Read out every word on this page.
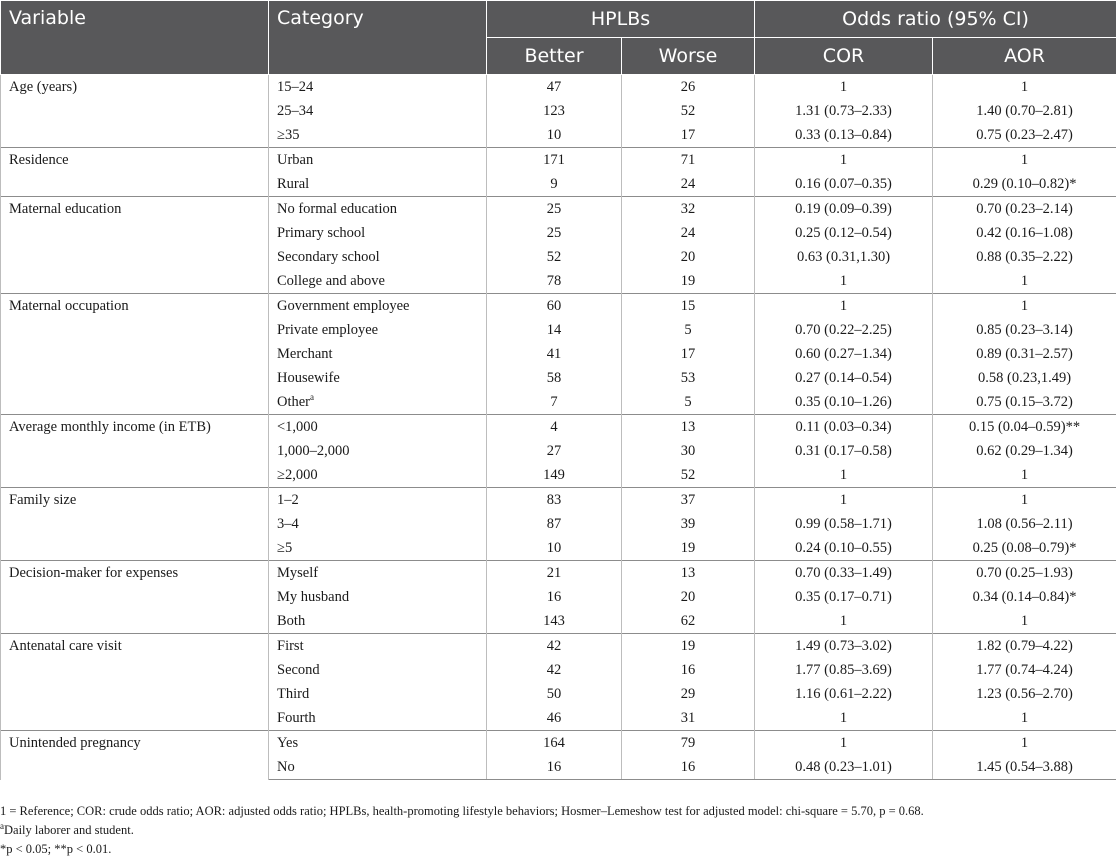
Variable	Category	HPLBs		Odds ratio (95% CI)	
		Better	Worse	COR	AOR
Age (years)	15–24	47	26	1	1
	25–34	123	52	1.31 (0.73–2.33)	1.40 (0.70–2.81)
	≥35	10	17	0.33 (0.13–0.84)	0.75 (0.23–2.47)
Residence	Urban	171	71	1	1
	Rural	9	24	0.16 (0.07–0.35)	0.29 (0.10–0.82)*
Maternal education	No formal education	25	32	0.19 (0.09–0.39)	0.70 (0.23–2.14)
	Primary school	25	24	0.25 (0.12–0.54)	0.42 (0.16–1.08)
	Secondary school	52	20	0.63 (0.31,1.30)	0.88 (0.35–2.22)
	College and above	78	19	1	1
Maternal occupation	Government employee	60	15	1	1
	Private employee	14	5	0.70 (0.22–2.25)	0.85 (0.23–3.14)
	Merchant	41	17	0.60 (0.27–1.34)	0.89 (0.31–2.57)
	Housewife	58	53	0.27 (0.14–0.54)	0.58 (0.23,1.49)
	Other$^a$	7	5	0.35 (0.10–1.26)	0.75 (0.15–3.72)
Average monthly income (in ETB)	<1,000	4	13	0.11 (0.03–0.34)	0.15 (0.04–0.59)**
	1,000–2,000	27	30	0.31 (0.17–0.58)	0.62 (0.29–1.34)
	≥2,000	149	52	1	1
Family size	1–2	83	37	1	1
	3–4	87	39	0.99 (0.58–1.71)	1.08 (0.56–2.11)
	≥5	10	19	0.24 (0.10–0.55)	0.25 (0.08–0.79)*
Decision-maker for expenses	Myself	21	13	0.70 (0.33–1.49)	0.70 (0.25–1.93)
	My husband	16	20	0.35 (0.17–0.71)	0.34 (0.14–0.84)*
	Both	143	62	1	1
Antenatal care visit	First	42	19	1.49 (0.73–3.02)	1.82 (0.79–4.22)
	Second	42	16	1.77 (0.85–3.69)	1.77 (0.74–4.24)
	Third	50	29	1.16 (0.61–2.22)	1.23 (0.56–2.70)
	Fourth	46	31	1	1
Unintended pregnancy	Yes	164	79	1	1
	No	16	16	0.48 (0.23–1.01)	1.45 (0.54–3.88)

1 = Reference; COR: crude odds ratio; AOR: adjusted odds ratio; HPLBs, health-promoting lifestyle behaviors; Hosmer–Lemeshow test for adjusted model: chi-square = 5.70, p = 0.68.

$^a$Daily laborer and student.

*p < 0.05; **p < 0.01.
